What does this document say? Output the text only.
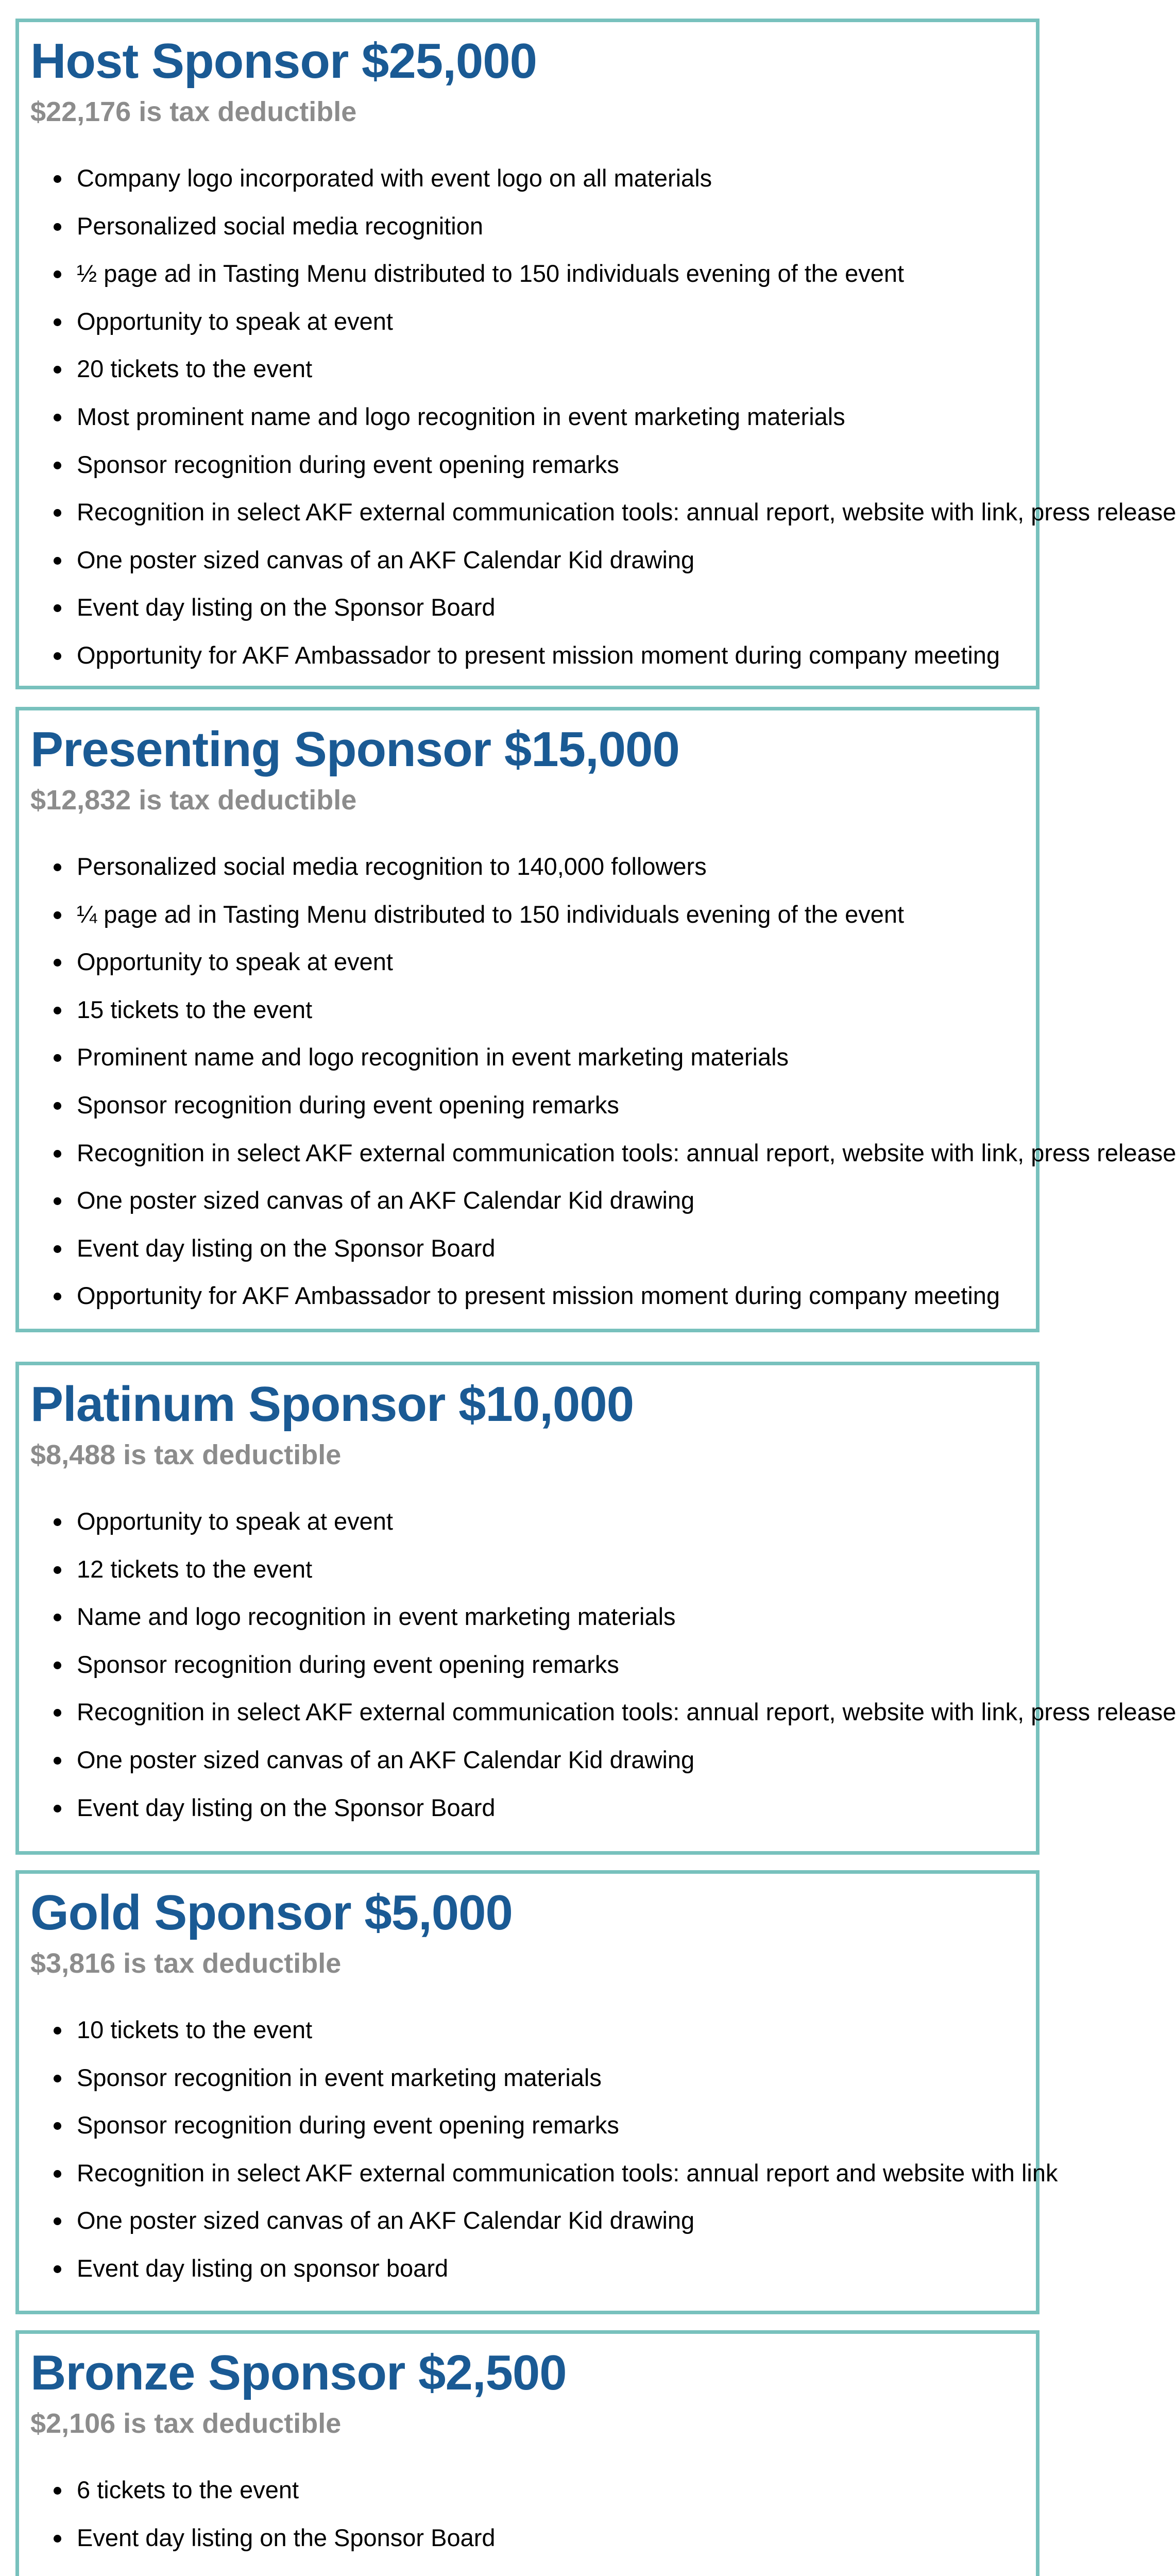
Host Sponsor $25,000
$22,176 is tax deductible
Company logo incorporated with event logo on all materials
Personalized social media recognition
½ page ad in Tasting Menu distributed to 150 individuals evening of the event
Opportunity to speak at event
20 tickets to the event
Most prominent name and logo recognition in event marketing materials
Sponsor recognition during event opening remarks
Recognition in select AKF external communication tools: annual report, website with link, press release
One poster sized canvas of an AKF Calendar Kid drawing
Event day listing on the Sponsor Board
Opportunity for AKF Ambassador to present mission moment during company meeting
Presenting Sponsor $15,000
$12,832 is tax deductible
Personalized social media recognition to 140,000 followers
¼ page ad in Tasting Menu distributed to 150 individuals evening of the event
Opportunity to speak at event
15 tickets to the event
Prominent name and logo recognition in event marketing materials
Sponsor recognition during event opening remarks
Recognition in select AKF external communication tools: annual report, website with link, press release
One poster sized canvas of an AKF Calendar Kid drawing
Event day listing on the Sponsor Board
Opportunity for AKF Ambassador to present mission moment during company meeting
Platinum Sponsor $10,000
$8,488 is tax deductible
Opportunity to speak at event
12 tickets to the event
Name and logo recognition in event marketing materials
Sponsor recognition during event opening remarks
Recognition in select AKF external communication tools: annual report, website with link, press release
One poster sized canvas of an AKF Calendar Kid drawing
Event day listing on the Sponsor Board
Gold Sponsor $5,000
$3,816 is tax deductible
10 tickets to the event
Sponsor recognition in event marketing materials
Sponsor recognition during event opening remarks
Recognition in select AKF external communication tools: annual report and website with link
One poster sized canvas of an AKF Calendar Kid drawing
Event day listing on sponsor board
Bronze Sponsor $2,500
$2,106 is tax deductible
6 tickets to the event
Event day listing on the Sponsor Board
